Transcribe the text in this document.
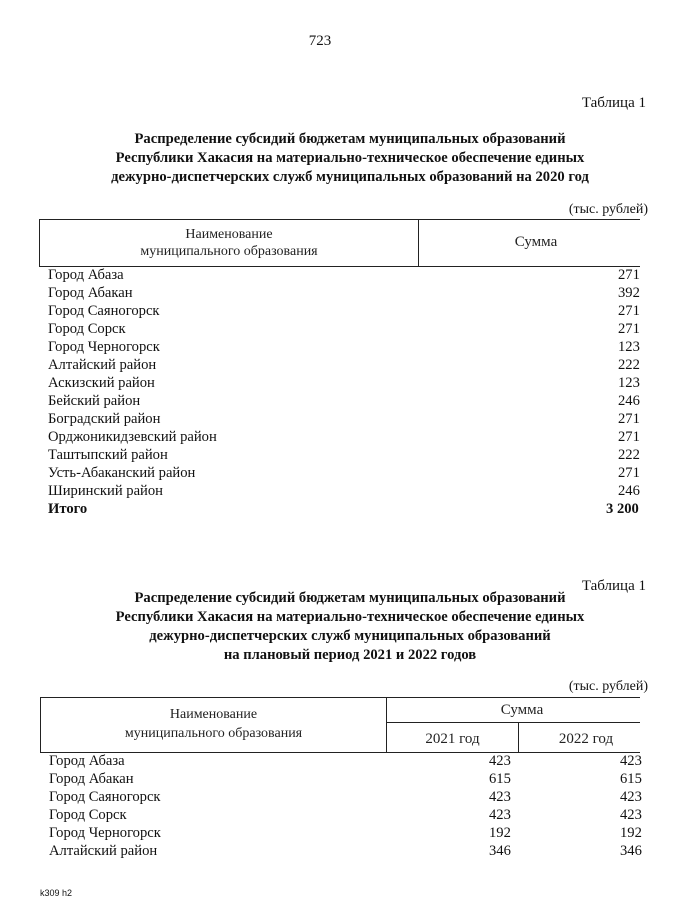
723
Таблица 1
Распределение субсидий бюджетам муниципальных образований
Республики Хакасия на материально-техническое обеспечение единых
дежурно-диспетчерских служб муниципальных образований на 2020 год
(тыс. рублей)
Наименование
муниципального образования
Сумма
Город Абаза	271
Город Абакан	392
Город Саяногорск	271
Город Сорск	271
Город Черногорск	123
Алтайский район	222
Аскизский район	123
Бейский район	246
Боградский район	271
Орджоникидзевский район	271
Таштыпский район	222
Усть-Абаканский район	271
Ширинский район	246
Итого	3 200
Таблица 1
Распределение субсидий бюджетам муниципальных образований
Республики Хакасия на материально-техническое обеспечение единых
дежурно-диспетчерских служб муниципальных образований
на плановый период 2021 и 2022 годов
(тыс. рублей)
Наименование
муниципального образования
Сумма
2021 год	2022 год
Город Абаза	423	423
Город Абакан	615	615
Город Саяногорск	423	423
Город Сорск	423	423
Город Черногорск	192	192
Алтайский район	346	346
k309 h2
